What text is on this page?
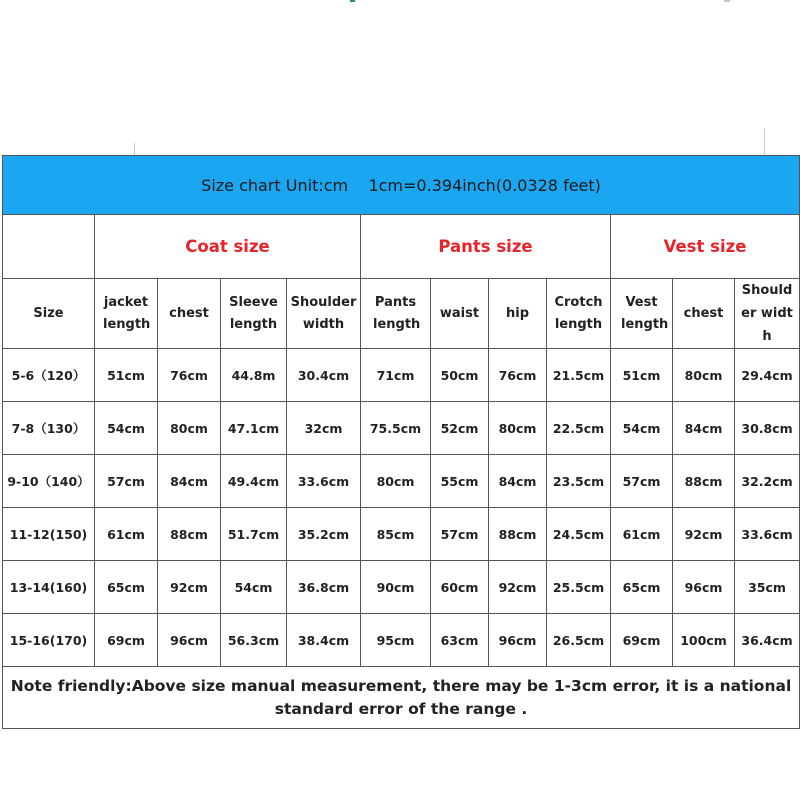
Size chart Unit:cm    1cm=0.394inch(0.0328 feet)											
	Coat size				Pants size				Vest size		
Size	jacket length	chest	Sleeve length	Shoulder width	Pants length	waist	hip	Crotch length	Vest length	chest	Shoulder width
5-6（120）	51cm	76cm	44.8m	30.4cm	71cm	50cm	76cm	21.5cm	51cm	80cm	29.4cm
7-8（130）	54cm	80cm	47.1cm	32cm	75.5cm	52cm	80cm	22.5cm	54cm	84cm	30.8cm
9-10（140）	57cm	84cm	49.4cm	33.6cm	80cm	55cm	84cm	23.5cm	57cm	88cm	32.2cm
11-12(150)	61cm	88cm	51.7cm	35.2cm	85cm	57cm	88cm	24.5cm	61cm	92cm	33.6cm
13-14(160)	65cm	92cm	54cm	36.8cm	90cm	60cm	92cm	25.5cm	65cm	96cm	35cm
15-16(170)	69cm	96cm	56.3cm	38.4cm	95cm	63cm	96cm	26.5cm	69cm	100cm	36.4cm
Note friendly:Above size manual measurement, there may be 1-3cm error, it is a national standard error of the range .											
